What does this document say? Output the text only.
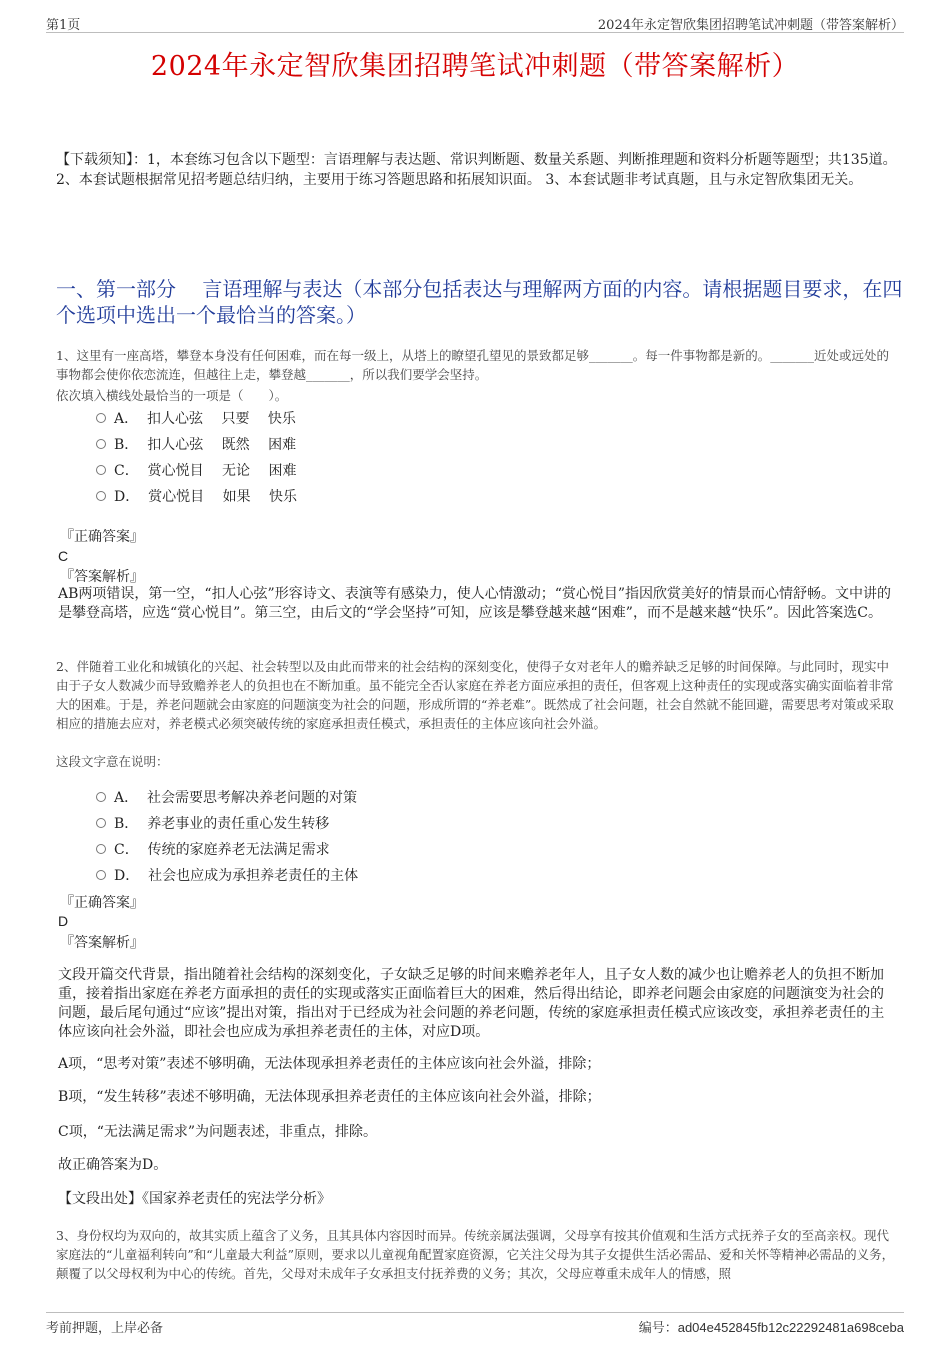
第1页	2024年永定智欣集团招聘笔试冲刺题（带答案解析）
2024年永定智欣集团招聘笔试冲刺题（带答案解析）
【下载须知】：1，本套练习包含以下题型：言语理解与表达题、常识判断题、数量关系题、判断推理题和资料分析题等题型；共135道。 2、本套试题根据常见招考题总结归纳，主要用于练习答题思路和拓展知识面。 3、本套试题非考试真题，且与永定智欣集团无关。
一、第一部分　 言语理解与表达（本部分包括表达与理解两方面的内容。请根据题目要求，在四个选项中选出一个最恰当的答案。）
1、这里有一座高塔，攀登本身没有任何困难，而在每一级上，从塔上的瞭望孔望见的景致都足够_______。每一件事物都是新的。_______近处或远处的事物都会使你依恋流连，但越往上走，攀登越_______，所以我们要学会坚持。
依次填入横线处最恰当的一项是（　　）。
A．  扣人心弦　 只要　 快乐
B．  扣人心弦　 既然　 困难
C．  赏心悦目　 无论　 困难
D．  赏心悦目　 如果　 快乐
『正确答案』
C
『答案解析』
AB两项错误，第一空，“扣人心弦”形容诗文、表演等有感染力，使人心情激动；“赏心悦目”指因欣赏美好的情景而心情舒畅。文中讲的是攀登高塔，应选“赏心悦目”。第三空，由后文的“学会坚持”可知，应该是攀登越来越“困难”，而不是越来越“快乐”。因此答案选C。
2、伴随着工业化和城镇化的兴起、社会转型以及由此而带来的社会结构的深刻变化，使得子女对老年人的赡养缺乏足够的时间保障。与此同时，现实中由于子女人数减少而导致赡养老人的负担也在不断加重。虽不能完全否认家庭在养老方面应承担的责任，但客观上这种责任的实现或落实确实面临着非常大的困难。于是，养老问题就会由家庭的问题演变为社会的问题，形成所谓的“养老难”。既然成了社会问题，社会自然就不能回避，需要思考对策或采取相应的措施去应对，养老模式必须突破传统的家庭承担责任模式，承担责任的主体应该向社会外溢。
这段文字意在说明：
A．  社会需要思考解决养老问题的对策
B．  养老事业的责任重心发生转移
C．  传统的家庭养老无法满足需求
D．  社会也应成为承担养老责任的主体
『正确答案』
D
『答案解析』
文段开篇交代背景，指出随着社会结构的深刻变化，子女缺乏足够的时间来赡养老年人，且子女人数的减少也让赡养老人的负担不断加重，接着指出家庭在养老方面承担的责任的实现或落实正面临着巨大的困难，然后得出结论，即养老问题会由家庭的问题演变为社会的问题，最后尾句通过“应该”提出对策，指出对于已经成为社会问题的养老问题，传统的家庭承担责任模式应该改变，承担养老责任的主体应该向社会外溢，即社会也应成为承担养老责任的主体，对应D项。
A项，“思考对策”表述不够明确，无法体现承担养老责任的主体应该向社会外溢，排除；
B项，“发生转移”表述不够明确，无法体现承担养老责任的主体应该向社会外溢，排除；
C项，“无法满足需求”为问题表述，非重点，排除。
故正确答案为D。
【文段出处】《国家养老责任的宪法学分析》
3、身份权均为双向的，故其实质上蕴含了义务，且其具体内容因时而异。传统亲属法强调，父母享有按其价值观和生活方式抚养子女的至高亲权。现代家庭法的“儿童福利转向”和“儿童最大利益”原则，要求以儿童视角配置家庭资源，它关注父母为其子女提供生活必需品、爱和关怀等精神必需品的义务，颠覆了以父母权利为中心的传统。首先，父母对未成年子女承担支付抚养费的义务；其次，父母应尊重未成年人的情感，照
考前押题，上岸必备	编号：ad04e452845fb12c22292481a698ceba
